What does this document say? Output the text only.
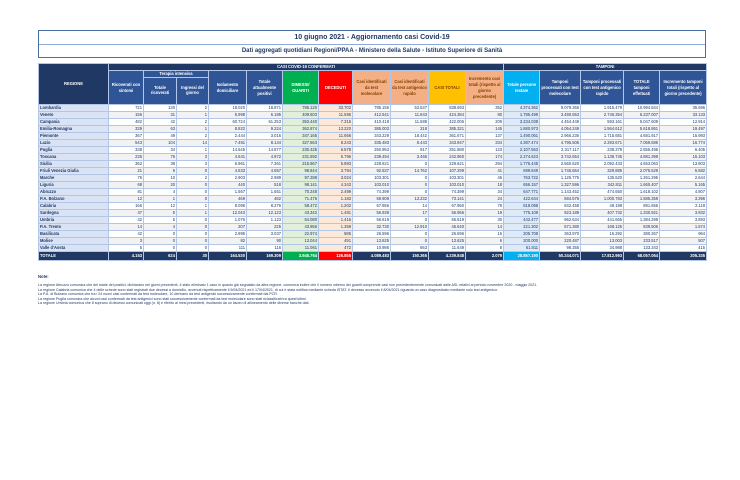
10 giugno 2021 - Aggiornamento casi Covid-19
Dati aggregati quotidiani Regioni/PPAA - Ministero della Salute - Istituto Superiore di Sanità
REGIONE	CASI COVID-19 CONFERMATI											TAMPONI				
	Ricoverati con sintomi	Terapia intensiva		Isolamento domiciliare	Totale attualmente positivi	DIMESSI/ GUARITI	DECEDUTI	Casi identificati da test molecolare	Casi identificati da test antigenico rapido	CASI TOTALI	Incremento casi totali (rispetto al giorno precedente)	Totale persone testate	Tamponi processati con test molecolare	Tamponi processati con test antigenico rapido	TOTALE tamponi effettuati	Incremento tamponi totali (rispetto al giorno precedente)
		Totale ricoverati	Ingressi del giorno													
Lombardia	721	130	2	18.020	18.871	786.120	33.702	785.156	53.537	838.693	352	4.374.362	9.079.365	1.915.479	10.994.844	35.696
Veneto	156	31	1	5.998	6.185	409.603	11.596	412.541	11.843	424.384	80	1.785.499	3.490.653	2.746.354	6.237.007	33.133
Campania	482	42	2	60.724	61.253	353.440	7.315	410.418	11.588	422.006	209	3.234.038	4.454.449	593.161	5.047.609	12.914
Emilia-Romagna	339	63	1	8.822	9.224	362.874	13.220	385.003	318	385.321	145	1.880.973	4.054.249	1.564.612	5.618.861	19.497
Piemonte	367	49	2	2.444	3.016	347.165	11.666	343.229	18.442	361.671	137	1.490.061	2.966.236	1.715.681	4.681.917	15.993
Lazio	543	104	14	7.491	8.144	327.563	8.243	335.483	8.443	343.947	334	4.387.474	4.795.505	2.293.671	7.059.686	16.774
Puglia	338	34	1	14.545	14.877	230.425	6.578	250.953	917	251.880	123	2.107.563	2.317.117	238.379	2.555.496	6.405
Toscana	235	76	3	4.641	4.972	231.592	6.796	239.494	3.466	242.960	174	2.274.623	3.742.654	1.138.745	4.881.399	16.103
Sicilia	362	38	3	6.961	7.361	215.567	5.893	228.621	0	228.621	294	1.776.445	2.560.620	2.092.433	4.653.063	13.803
Friuli Venezia Giulia	21	6	0	4.633	4.657	98.844	3.794	92.537	14.762	107.299	41	699.849	1.745.664	329.885	2.075.529	5.582
Marche	76	10	2	2.903	2.989	97.288	3.024	103.301	0	103.301	46	763.722	1.125.775	135.520	1.261.295	2.644
Liguria	68	20	0	440	518	98.141	4.343	103.010	0	103.010	18	656.157	1.327.596	342.811	1.660.407	5.165
Abruzzo	81	4	0	1.567	1.651	70.248	2.499	74.399	0	74.399	34	647.771	1.143.452	474.650	1.618.102	4.807
P.A. Bolzano	12	1	0	469	482	71.476	1.183	59.909	13.232	73.141	24	422.644	584.576	1.000.783	1.585.359	3.396
Calabria	166	12	1	8.096	8.276	58.472	1.202	67.956	14	67.950	78	818.098	842.458	49.198	891.656	2.118
Sardegna	47	5	1	12.043	12.123	43.342	1.481	56.939	17	56.956	19	775.109	923.189	407.732	1.330.921	3.932
Umbria	42	5	0	1.076	1.123	54.080	1.416	56.619	0	56.619	30	442.477	962.634	441.665	1.384.299	3.893
P.A. Trento	14	4	0	207	225	43.956	1.359	32.730	12.910	45.640	14	221.302	671.380	168.126	839.506	1.674
Basilicata	42	0	0	2.995	3.037	22.974	585	26.596	0	26.596	16	205.708	363.970	16.292	380.267	964
Molise	3	0	0	82	90	13.044	491	13.625	0	13.625	6	200.000	220.487	13.003	233.517	507
Valle d'Aosta	5	0	0	111	116	11.061	472	10.986	663	11.649	8	61.811	98.355	34.988	133.343	415
TOTALE	4.153	624	30	164.530	169.309	3.945.764	126.855	4.089.483	150.365	4.239.848	2.079	28.867.190	50.244.071	17.812.993	68.057.064	205.335
Note:
La regione Abruzzo comunica che del totale dei positivi, dichiarano nei giorni precedenti, 4 stato eliminato 1 caso in quanto già segnalato da altra regione, comunica inoltre che il numero odierno dei guariti comprende casi non precedentemente comunicati dalle ASL relativi al periodo novembre 2020 - maggio 2021.
La regione Calabria comunica che 4 delle schede sono stati registrati due decessi a domicilio, avvenuti rispettivamente il 9/04/2021 ed il 17/04/2021, di cui è stata notifica mediante scheda ISTAT. Il decesso avvenuto il 8/04/2021 riguarda un caso diagnosticato mediante solo test antigenico.
La P.A. di Bolzano comunica che tra i 24 nuovi casi confermati da test molecolare, 10 derivano da test antigenici successivamente confermati dal PCR.
La regione Puglia comunica che alcuni casi confermati da test antigenici sono stati successivamente confermati da test molecolare sono stati riclassificati tra quest'ultimi.
La regione Umbria comunica che 8 soprano di decessi comunicati oggi (n. 8) è riferito ai mesi precedenti, risultando da un lavoro di allineamento delle diverse banche dati.
